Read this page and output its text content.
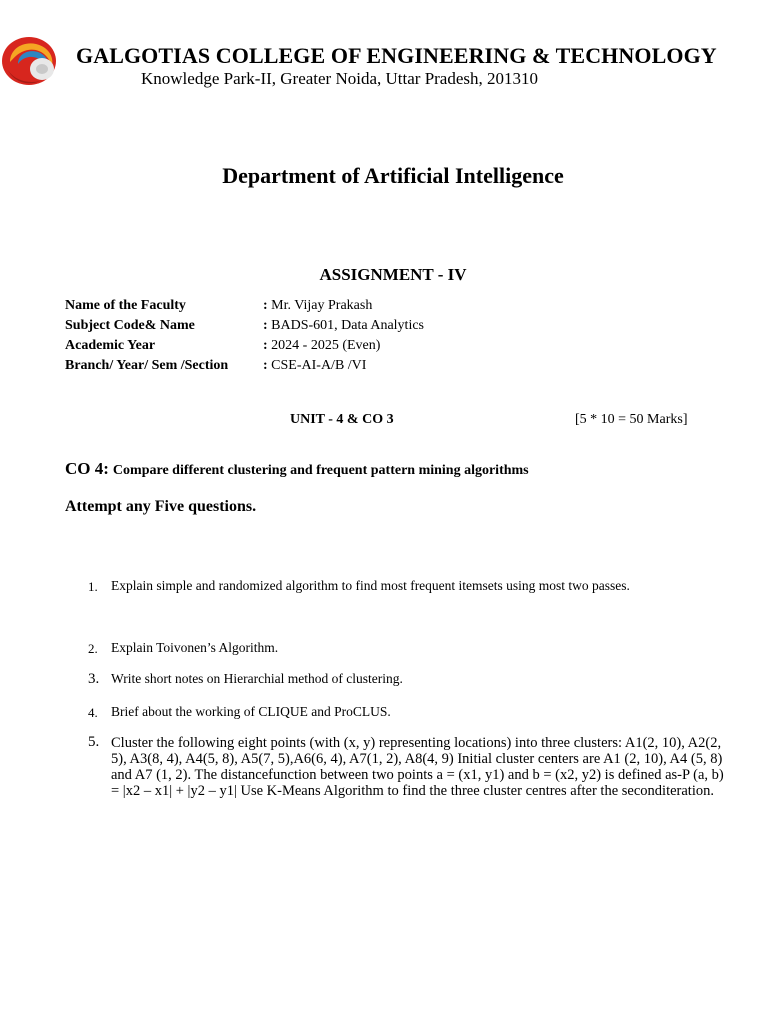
GALGOTIAS COLLEGE OF ENGINEERING & TECHNOLOGY
Knowledge Park-II, Greater Noida, Uttar Pradesh, 201310
Department of Artificial Intelligence
ASSIGNMENT - IV
Name of the Faculty	: Mr. Vijay Prakash
Subject Code& Name	: BADS-601, Data Analytics
Academic Year	: 2024 - 2025 (Even)
Branch/ Year/ Sem /Section : CSE-AI-A/B /VI
UNIT - 4 & CO 3	[5 * 10 = 50 Marks]
CO 4: Compare different clustering and frequent pattern mining algorithms
Attempt any Five questions.
1. Explain simple and randomized algorithm to find most frequent itemsets using most two passes.
2. Explain Toivonen’s Algorithm.
3. Write short notes on Hierarchial method of clustering.
4. Brief about the working of CLIQUE and ProCLUS.
5. Cluster the following eight points (with (x, y) representing locations) into three clusters: A1(2, 10), A2(2, 5), A3(8, 4), A4(5, 8), A5(7, 5),A6(6, 4), A7(1, 2), A8(4, 9) Initial cluster centers are A1 (2, 10), A4 (5, 8) and A7 (1, 2). The distancefunction between two points a = (x1, y1) and b = (x2, y2) is defined as-P (a, b) = |x2 – x1| + |y2 – y1| Use K-Means Algorithm to find the three cluster centres after the seconditeration.
